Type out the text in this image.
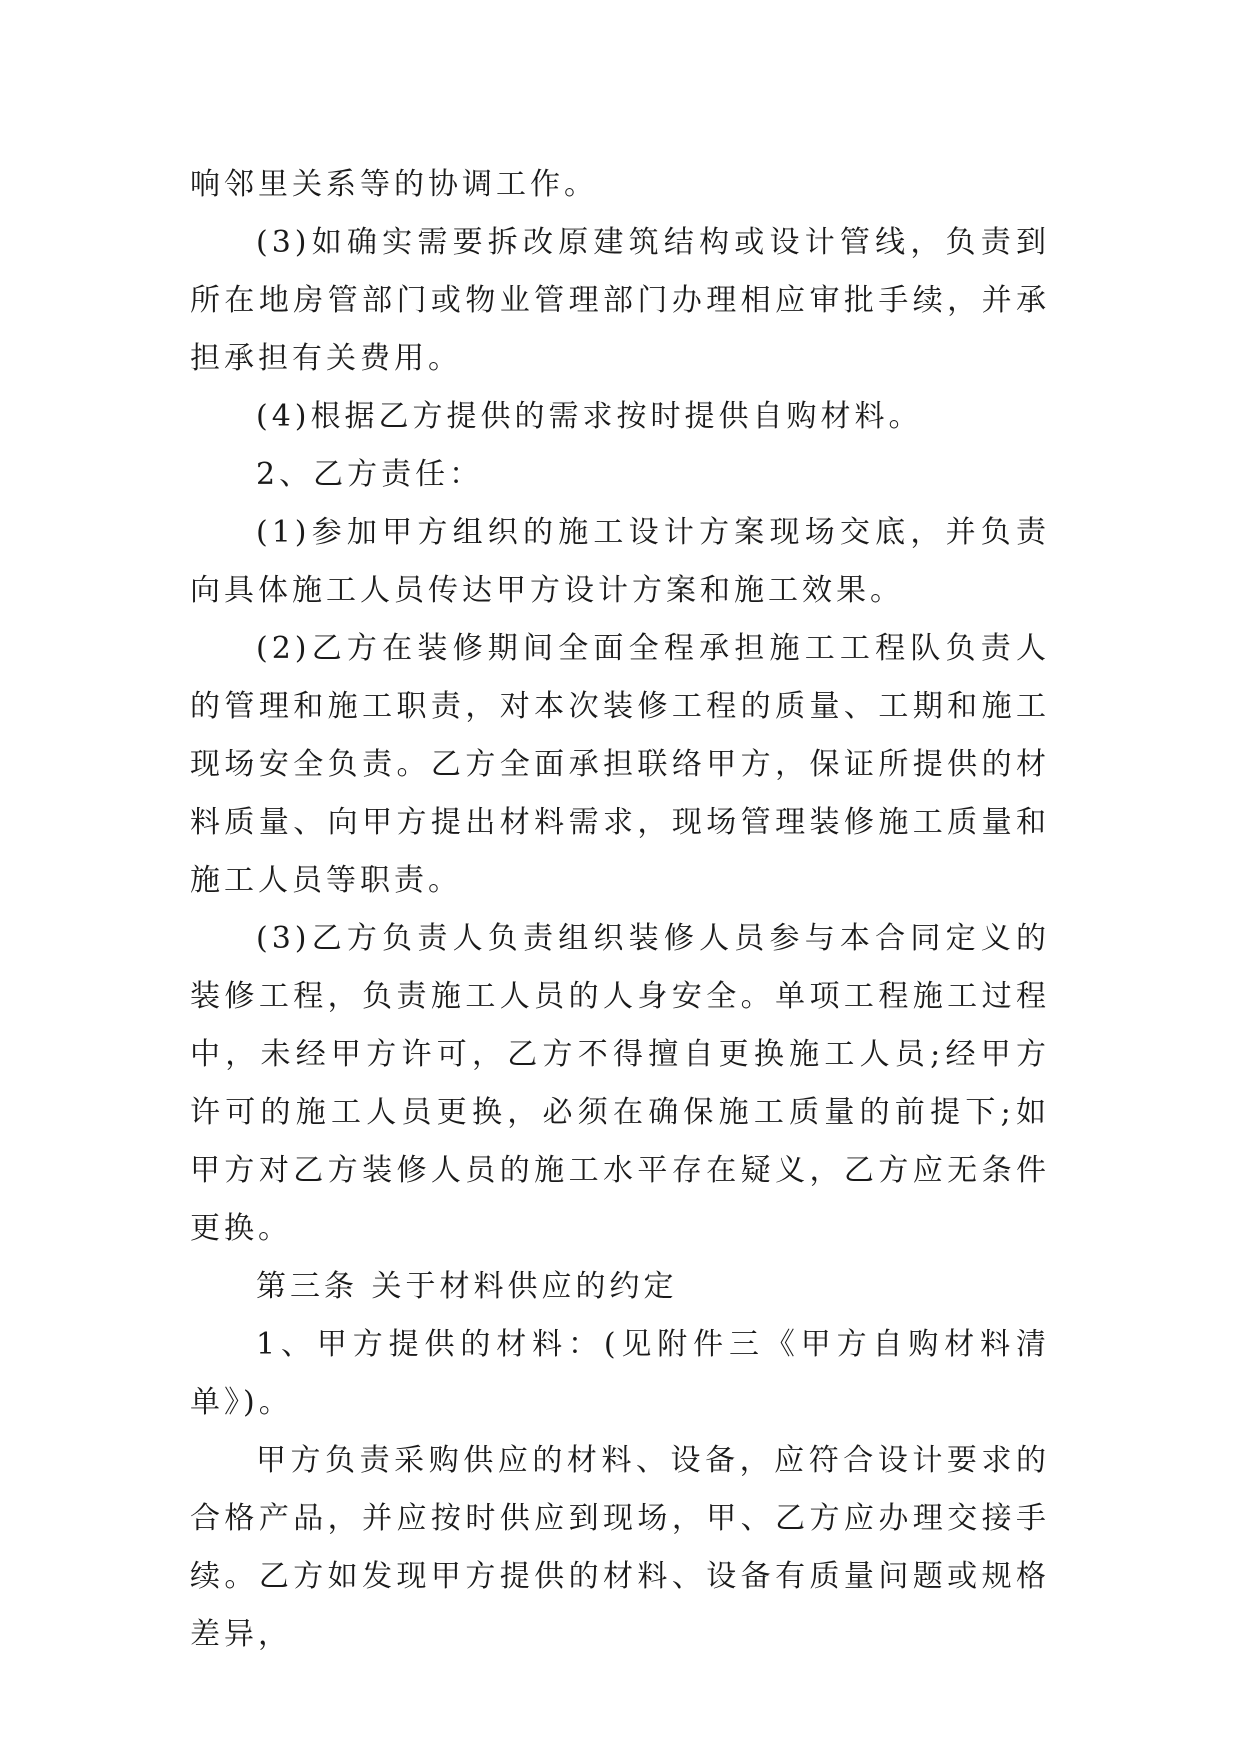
响邻里关系等的协调工作。

(3)如确实需要拆改原建筑结构或设计管线，负责到所在地房管部门或物业管理部门办理相应审批手续，并承担承担有关费用。

(4)根据乙方提供的需求按时提供自购材料。

2、乙方责任：

(1)参加甲方组织的施工设计方案现场交底，并负责向具体施工人员传达甲方设计方案和施工效果。

(2)乙方在装修期间全面全程承担施工工程队负责人的管理和施工职责，对本次装修工程的质量、工期和施工现场安全负责。乙方全面承担联络甲方，保证所提供的材料质量、向甲方提出材料需求，现场管理装修施工质量和施工人员等职责。

(3)乙方负责人负责组织装修人员参与本合同定义的装修工程，负责施工人员的人身安全。单项工程施工过程中，未经甲方许可，乙方不得擅自更换施工人员;经甲方许可的施工人员更换，必须在确保施工质量的前提下;如甲方对乙方装修人员的施工水平存在疑义，乙方应无条件更换。

第三条 关于材料供应的约定

1、甲方提供的材料：(见附件三《甲方自购材料清单》)。

甲方负责采购供应的材料、设备，应符合设计要求的合格产品，并应按时供应到现场，甲、乙方应办理交接手续。乙方如发现甲方提供的材料、设备有质量问题或规格差异，
